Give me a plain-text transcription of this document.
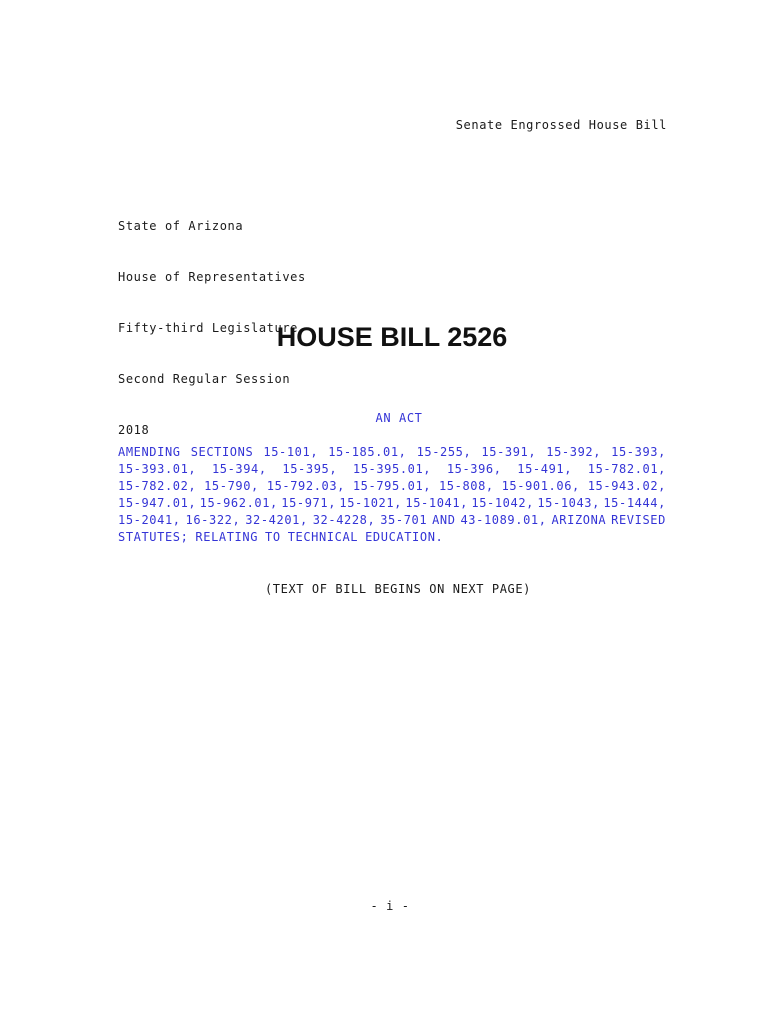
Senate Engrossed House Bill

State of Arizona

House of Representatives

Fifty-third Legislature

Second Regular Session

2018

HOUSE BILL 2526
AN ACT
AMENDING SECTIONS 15-101, 15-185.01, 15-255, 15-391, 15-392, 15-393,
15-393.01, 15-394, 15-395, 15-395.01, 15-396, 15-491, 15-782.01,
15-782.02, 15-790, 15-792.03, 15-795.01, 15-808, 15-901.06, 15-943.02,
15-947.01, 15-962.01, 15-971, 15-1021, 15-1041, 15-1042, 15-1043, 15-1444,
15-2041, 16-322, 32-4201, 32-4228, 35-701 AND 43-1089.01, ARIZONA REVISED
STATUTES; RELATING TO TECHNICAL EDUCATION.
(TEXT OF BILL BEGINS ON NEXT PAGE)
- i -
